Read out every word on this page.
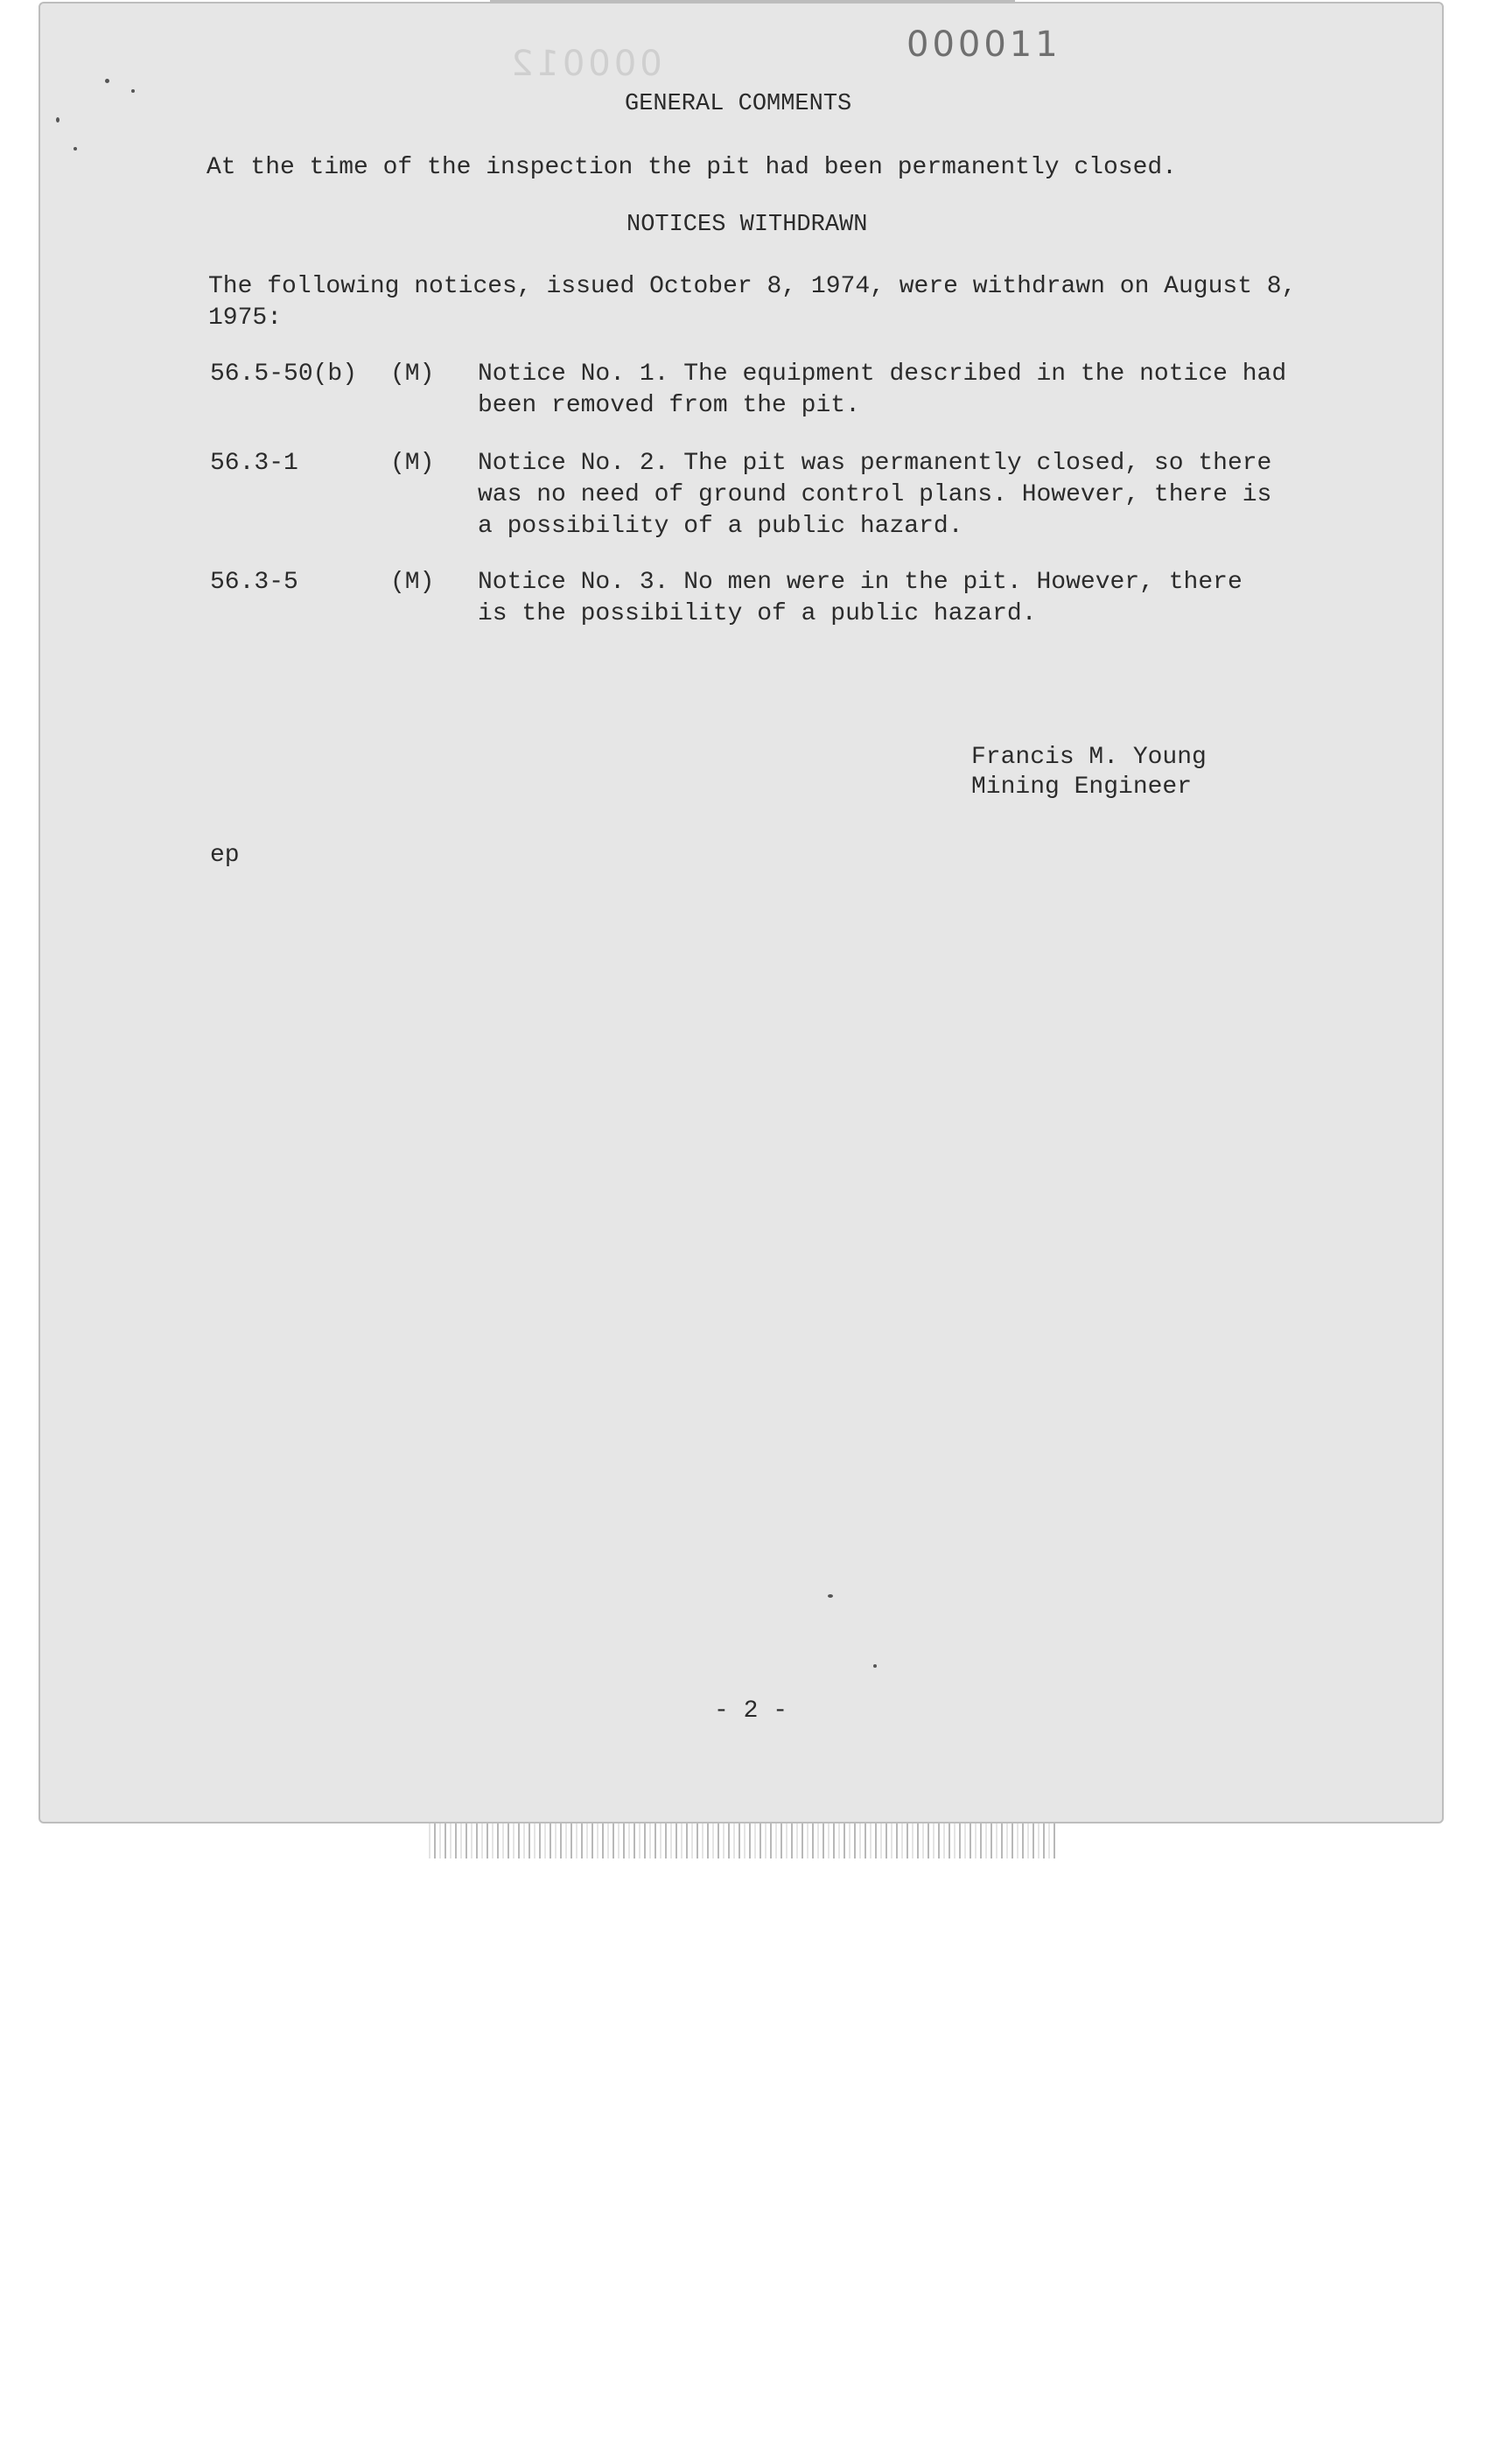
000012	000011
GENERAL COMMENTS
At the time of the inspection the pit had been permanently closed.
NOTICES WITHDRAWN
The following notices, issued October 8, 1974, were withdrawn on August 8,
1975:
56.5-50(b) (M) Notice No. 1. The equipment described in the notice had
been removed from the pit.
56.3-1	(M) Notice No. 2. The pit was permanently closed, so there
was no need of ground control plans. However, there is
a possibility of a public hazard.
56.3-5	(M) Notice No. 3. No men were in the pit. However, there
is the possibility of a public hazard.
Francis M. Young
Mining Engineer
ep
- 2 -
